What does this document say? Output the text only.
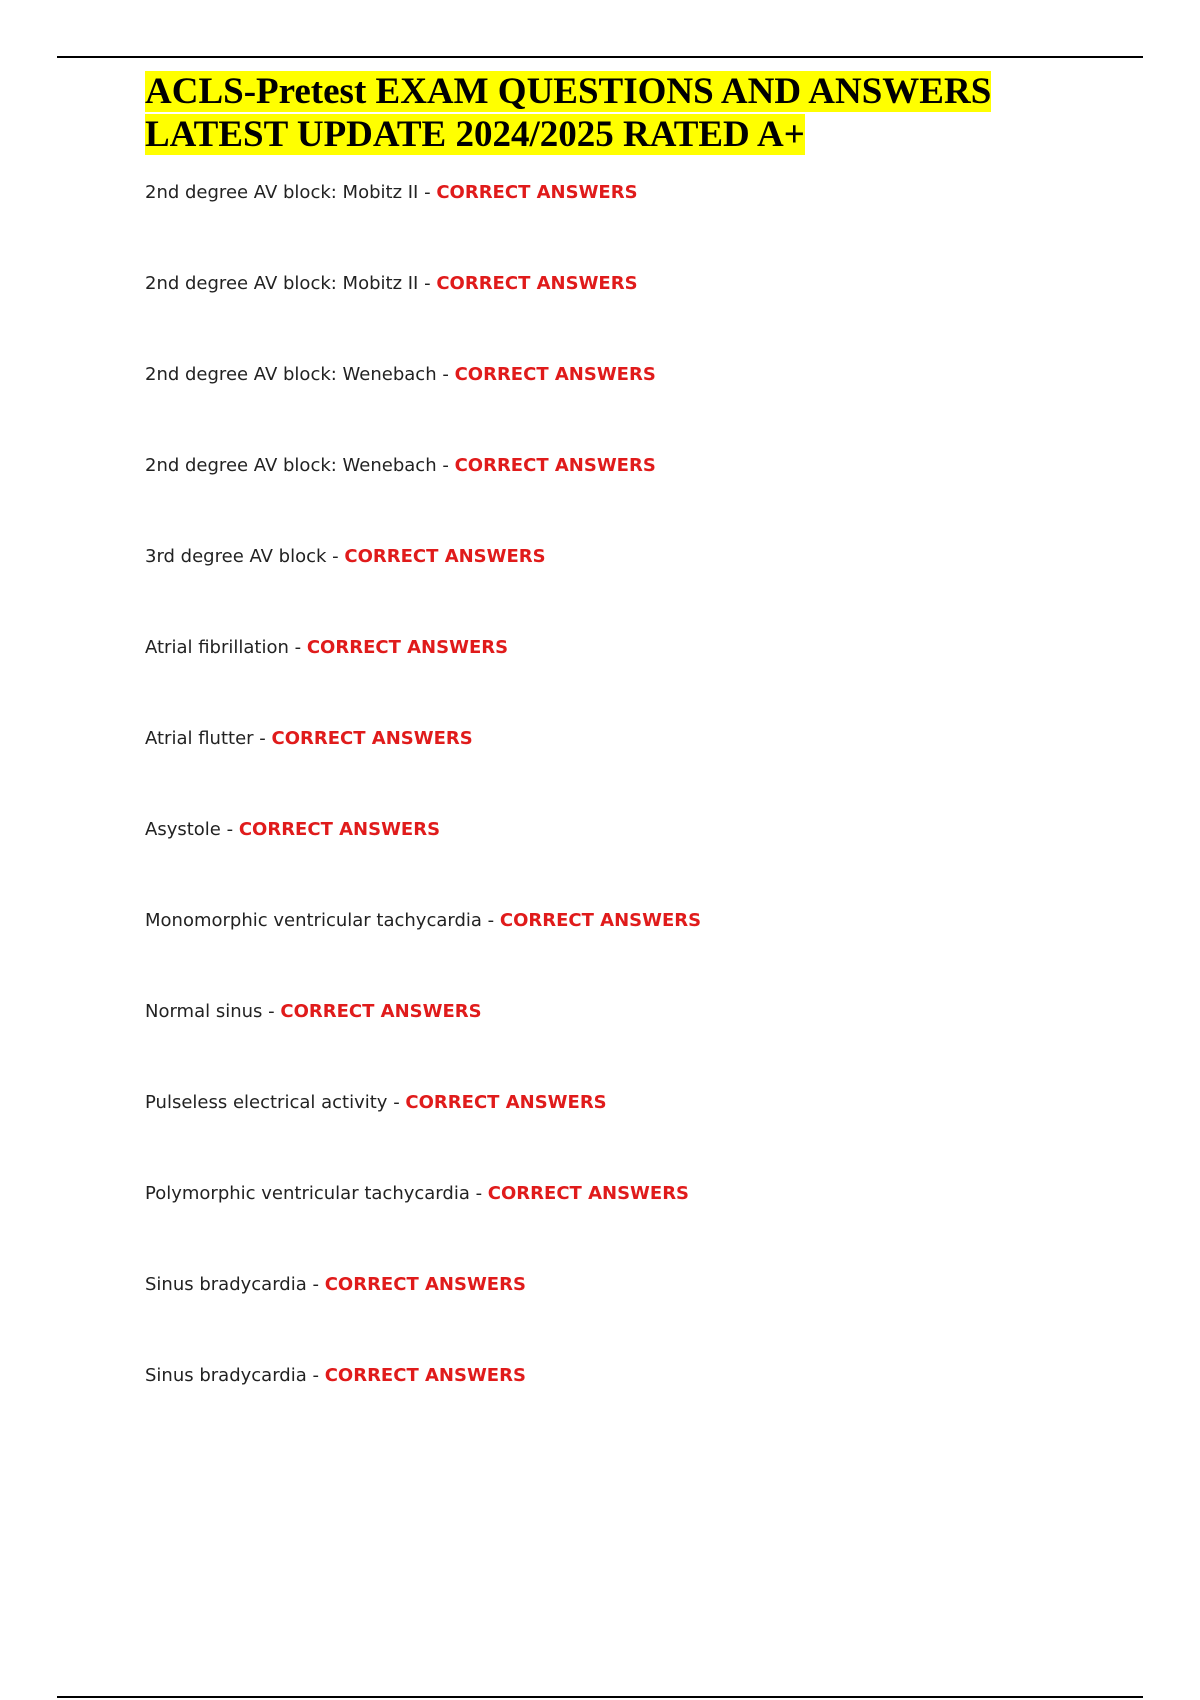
ACLS-Pretest EXAM QUESTIONS AND ANSWERS
LATEST UPDATE 2024/2025 RATED A+
2nd degree AV block: Mobitz II - CORRECT ANSWERS
2nd degree AV block: Mobitz II - CORRECT ANSWERS
2nd degree AV block: Wenebach - CORRECT ANSWERS
2nd degree AV block: Wenebach - CORRECT ANSWERS
3rd degree AV block - CORRECT ANSWERS
Atrial fibrillation - CORRECT ANSWERS
Atrial flutter - CORRECT ANSWERS
Asystole - CORRECT ANSWERS
Monomorphic ventricular tachycardia - CORRECT ANSWERS
Normal sinus - CORRECT ANSWERS
Pulseless electrical activity - CORRECT ANSWERS
Polymorphic ventricular tachycardia - CORRECT ANSWERS
Sinus bradycardia - CORRECT ANSWERS
Sinus bradycardia - CORRECT ANSWERS
